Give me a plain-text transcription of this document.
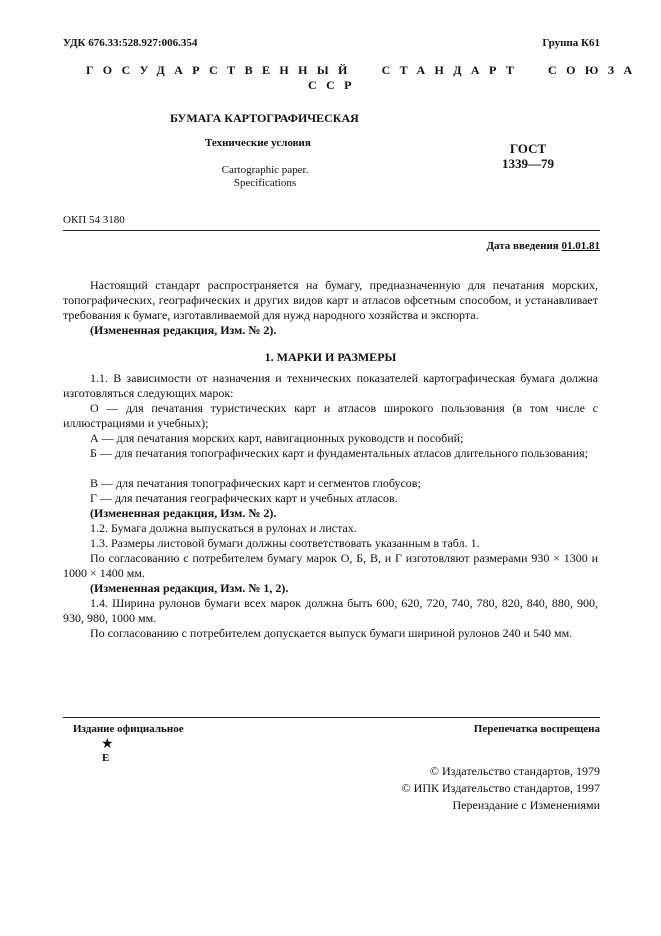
УДК 676.33:528.927:006.354	Группа К61
ГОСУДАРСТВЕННЫЙ  СТАНДАРТ  СОЮЗА
ССР
БУМАГА КАРТОГРАФИЧЕСКАЯ
Технические условия
Cartographic paper.
Specifications
ГОСТ
1339—79
ОКП 54 3180
Дата введения 01.01.81
Настоящий стандарт распространяется на бумагу, предназначенную для печатания морских, топографических, географических и других видов карт и атласов офсетным способом, и устанавливает требования к бумаге, изготавливаемой для нужд народного хозяйства и экспорта.
(Измененная редакция, Изм. № 2).
1. МАРКИ И РАЗМЕРЫ
1.1. В зависимости от назначения и технических показателей картографическая бумага должна изготовляться следующих марок:
О — для печатания туристических карт и атласов широкого пользования (в том числе с иллюстрациями и учебных);
А — для печатания морских карт, навигационных руководств и пособий;
Б — для печатания топографических карт и фундаментальных атласов длительного пользования;
В — для печатания топографических карт и сегментов глобусов;
Г — для печатания географических карт и учебных атласов.
(Измененная редакция, Изм. № 2).
1.2. Бумага должна выпускаться в рулонах и листах.
1.3. Размеры листовой бумаги должны соответствовать указанным в табл. 1.
По согласованию с потребителем бумагу марок О, Б, В, и Г изготовляют размерами 930 × 1300 и 1000 × 1400 мм.
(Измененная редакция, Изм. № 1, 2).
1.4. Ширина рулонов бумаги всех марок должна быть 600, 620, 720, 740, 780, 820, 840, 880, 900, 930, 980, 1000 мм.
По согласованию с потребителем допускается выпуск бумаги шириной рулонов 240 и 540 мм.
Издание официальное	Перепечатка воспрещена
★
Е
© Издательство стандартов, 1979
© ИПК Издательство стандартов, 1997
Переиздание с Изменениями
